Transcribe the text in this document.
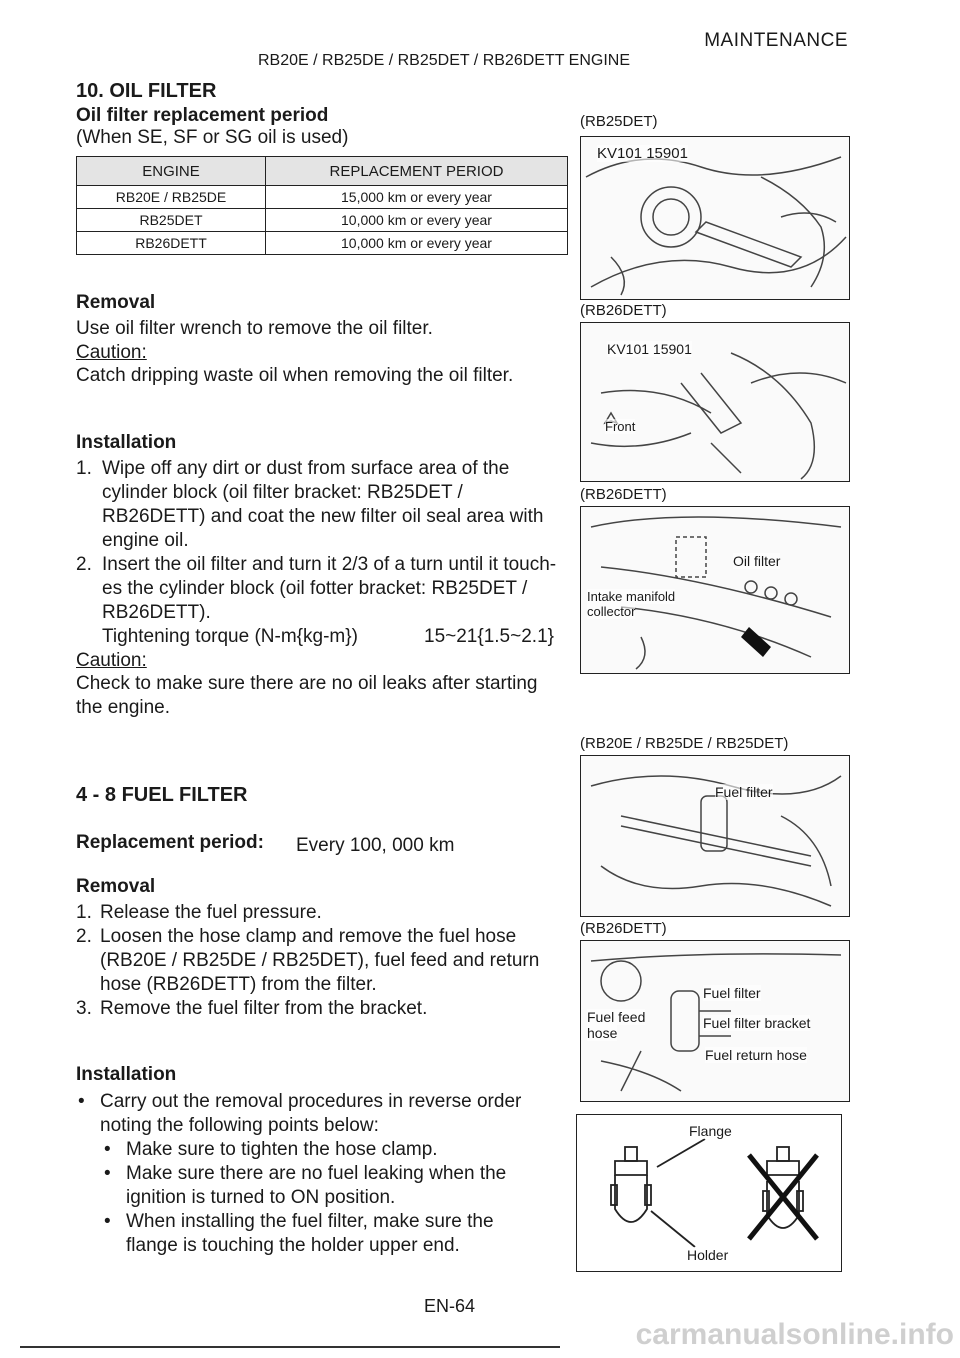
MAINTENANCE
RB20E / RB25DE / RB25DET / RB26DETT ENGINE
10. OIL FILTER
Oil filter replacement period
(When SE, SF or SG oil is used)
ENGINE	REPLACEMENT PERIOD
RB20E / RB25DE	15,000 km or every year
RB25DET	10,000 km or every year
RB26DETT	10,000 km or every year
Removal
Use oil filter wrench to remove the oil filter.
Caution:
Catch dripping waste oil when removing the oil filter.
Installation
1. Wipe off any dirt or dust from surface area of the
cylinder block (oil filter bracket: RB25DET /
RB26DETT) and coat the new filter oil seal area with
engine oil.
2. Insert the oil filter and turn it 2/3 of a turn until it touch-
es the cylinder block (oil fotter bracket: RB25DET /
RB26DETT).
Tightening torque (N-m{kg-m})	15~21{1.5~2.1}
Caution:
Check to make sure there are no oil leaks after starting
the engine.
4 - 8 FUEL FILTER
Replacement period: Every 100, 000 km
Removal
1. Release the fuel pressure.
2. Loosen the hose clamp and remove the fuel hose
(RB20E / RB25DE / RB25DET), fuel feed and return
hose (RB26DETT) from the filter.
3. Remove the fuel filter from the bracket.
Installation
• Carry out the removal procedures in reverse order
noting the following points below:
• Make sure to tighten the hose clamp.
• Make sure there are no fuel leaking when the
ignition is turned to ON position.
• When installing the fuel filter, make sure the
flange is touching the holder upper end.
(RB25DET)
KV101 15901
(RB26DETT)
KV101 15901
Front
(RB26DETT)
Oil filter
Intake manifold
collector
(RB20E / RB25DE / RB25DET)
Fuel filter
(RB26DETT)
Fuel filter
Fuel feed
hose
Fuel filter bracket
Fuel return hose
Flange
Holder
EN-64
carmanualsonline.info
